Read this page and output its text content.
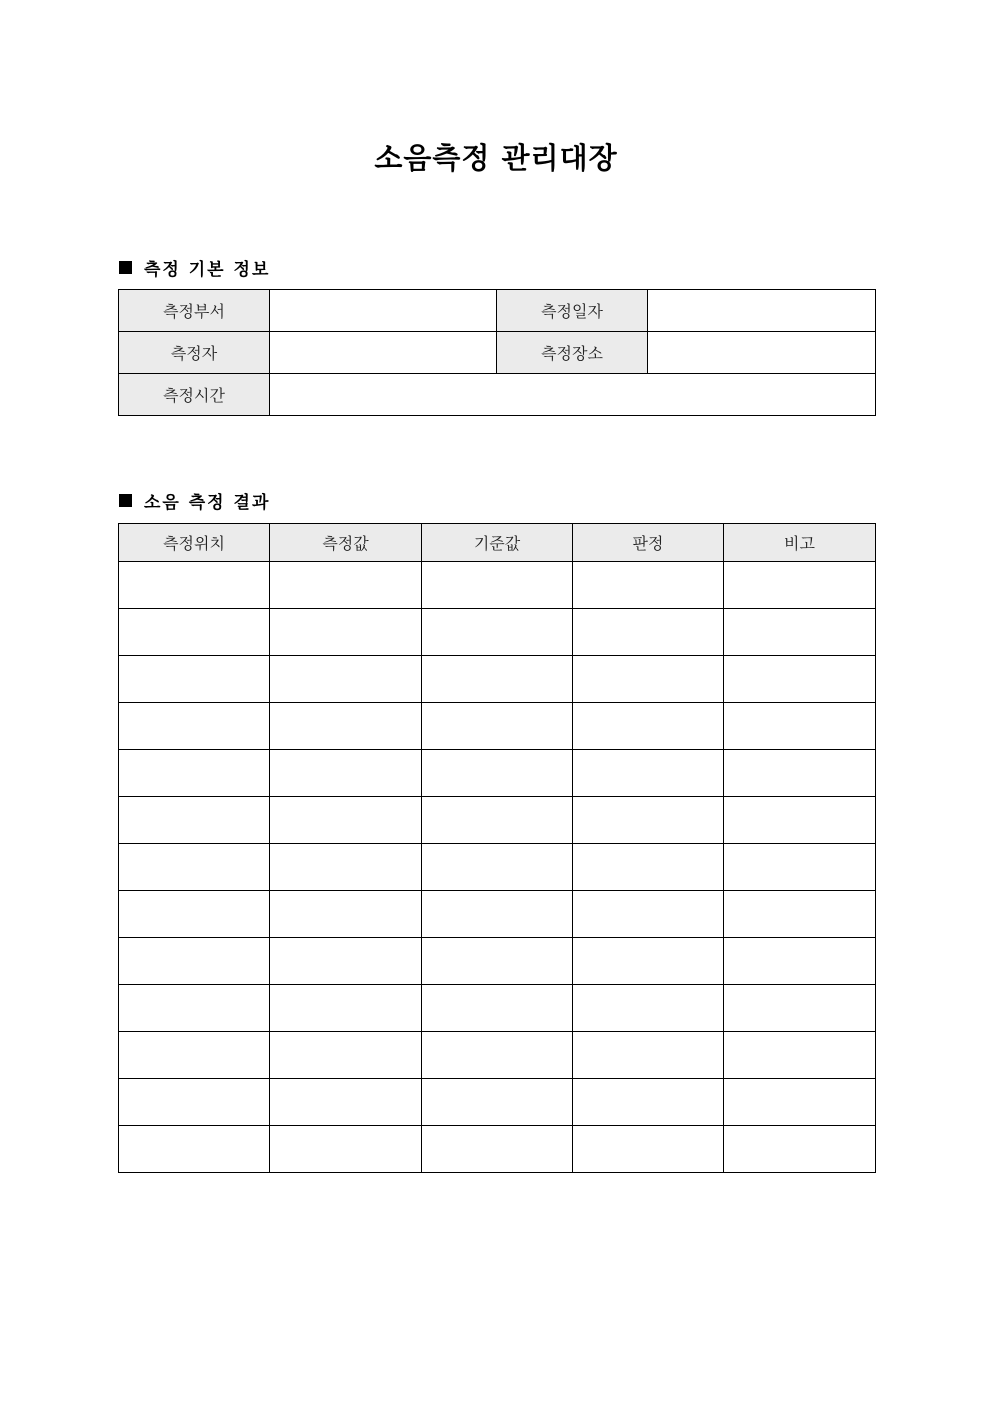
소음측정 관리대장
측정 기본 정보
측정부서		측정일자	
측정자		측정장소	
측정시간			
소음 측정 결과
측정위치	측정값	기준값	판정	비고
